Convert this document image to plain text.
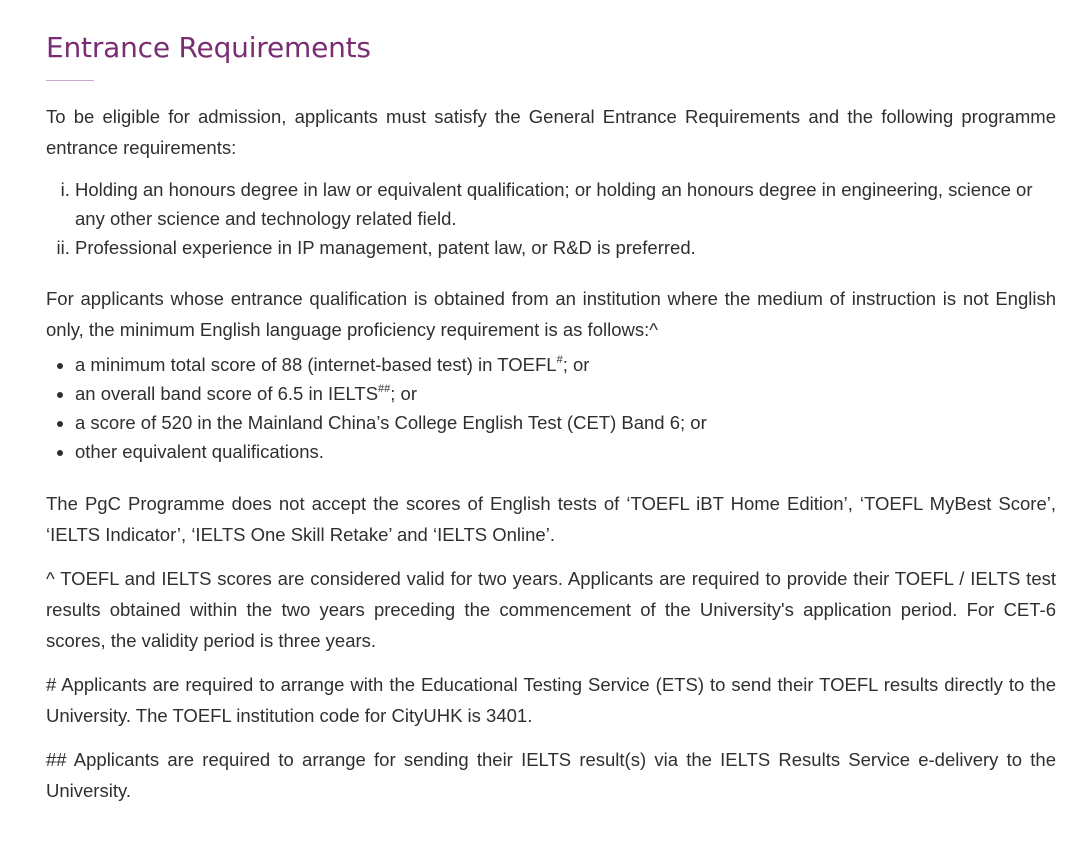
Entrance Requirements

To be eligible for admission, applicants must satisfy the General Entrance Requirements and the following programme entrance requirements:

i. Holding an honours degree in law or equivalent qualification; or holding an honours degree in engineering, science or any other science and technology related field.
ii. Professional experience in IP management, patent law, or R&D is preferred.

For applicants whose entrance qualification is obtained from an institution where the medium of instruction is not English only, the minimum English language proficiency requirement is as follows:^

• a minimum total score of 88 (internet-based test) in TOEFL#; or
• an overall band score of 6.5 in IELTS##; or
• a score of 520 in the Mainland China’s College English Test (CET) Band 6; or
• other equivalent qualifications.

The PgC Programme does not accept the scores of English tests of ‘TOEFL iBT Home Edition’, ‘TOEFL MyBest Score’, ‘IELTS Indicator’, ‘IELTS One Skill Retake’ and ‘IELTS Online’.

^ TOEFL and IELTS scores are considered valid for two years. Applicants are required to provide their TOEFL / IELTS test results obtained within the two years preceding the commencement of the University's application period. For CET-6 scores, the validity period is three years.

# Applicants are required to arrange with the Educational Testing Service (ETS) to send their TOEFL results directly to the University. The TOEFL institution code for CityUHK is 3401.

## Applicants are required to arrange for sending their IELTS result(s) via the IELTS Results Service e-delivery to the University.
